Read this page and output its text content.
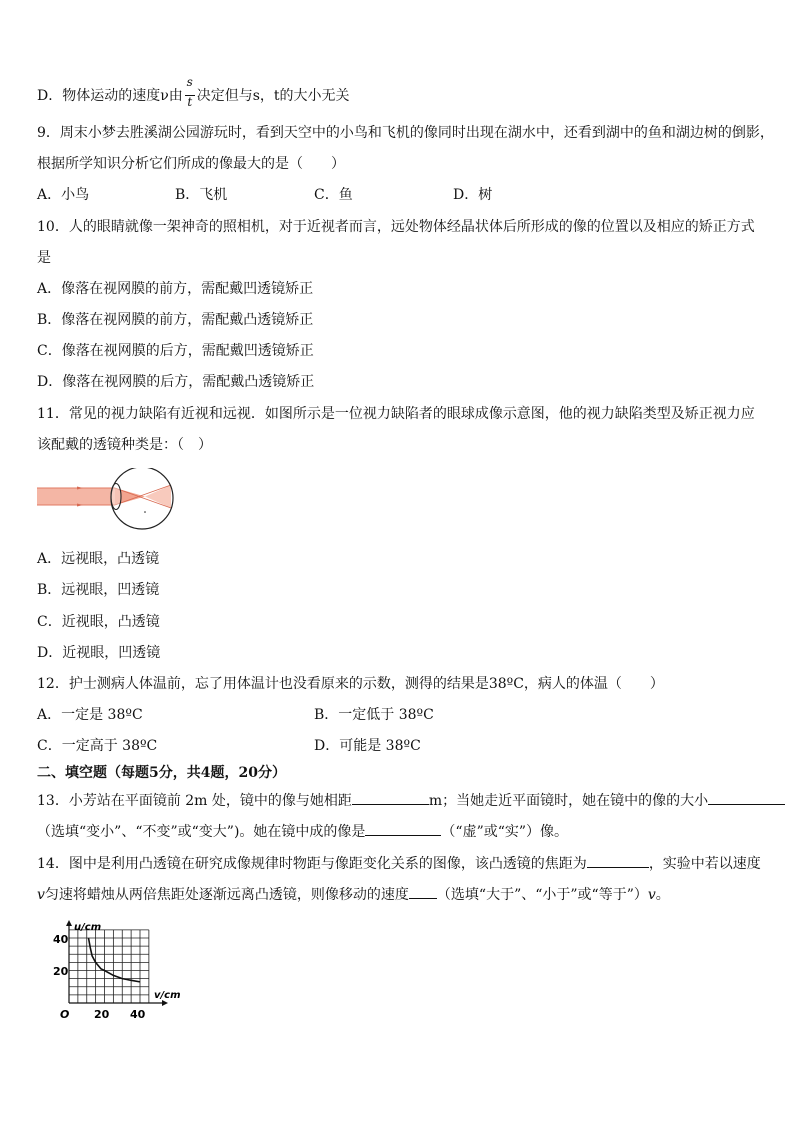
D．物体运动的速度ν由 $\frac{s}{t}$ 决定但与s，t的大小无关
9．周末小梦去胜溪湖公园游玩时，看到天空中的小鸟和飞机的像同时出现在湖水中，还看到湖中的鱼和湖边树的倒影，
根据所学知识分析它们所成的像最大的是（　　）
A．小鸟	B．飞机	C．鱼	D．树
10．人的眼睛就像一架神奇的照相机，对于近视者而言，远处物体经晶状体后所形成的像的位置以及相应的矫正方式
是
A．像落在视网膜的前方，需配戴凹透镜矫正
B．像落在视网膜的前方，需配戴凸透镜矫正
C．像落在视网膜的后方，需配戴凹透镜矫正
D．像落在视网膜的后方，需配戴凸透镜矫正
11．常见的视力缺陷有近视和远视．如图所示是一位视力缺陷者的眼球成像示意图，他的视力缺陷类型及矫正视力应
该配戴的透镜种类是：（　）
A．远视眼，凸透镜
B．远视眼，凹透镜
C．近视眼，凸透镜
D．近视眼，凹透镜
12．护士测病人体温前，忘了用体温计也没看原来的示数，测得的结果是38ºC，病人的体温（　　）
A．一定是 38ºC	B．一定低于 38ºC
C．一定高于 38ºC	D．可能是 38ºC
二、填空题（每题5分，共4题，20分）
13．小芳站在平面镜前 2m 处，镜中的像与她相距	m；当她走近平面镜时，她在镜中的像的大小
（选填“变小”、“不变”或“变大”)。她在镜中成的像是	（“虚”或“实”）像。
14．图中是利用凸透镜在研究成像规律时物距与像距变化关系的图像，该凸透镜的焦距为	，实验中若以速度
v匀速将蜡烛从两倍焦距处逐渐远离凸透镜，则像移动的速度 （选填“大于”、“小于”或“等于”）v。
u/cm
v/cm
O
40
20
20 40
